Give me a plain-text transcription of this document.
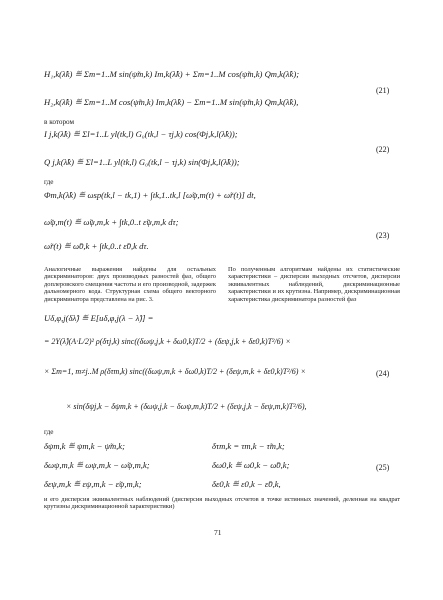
H₁,k(λ̂k) ≝ Σm=1..M sin(ψ̃m,k) Im,k(λ̂k) + Σm=1..M cos(ψ̃m,k) Qm,k(λ̂k);
H₂,k(λ̂k) ≝ Σm=1..M cos(ψ̃m,k) Im,k(λ̂k) − Σm=1..M sin(ψ̃m,k) Qm,k(λ̂k),
(21)
в котором
I j,k(λ̂k) ≝ Σl=1..L yl(tk,l) G₀(tk,l − τj,k) cos(Φj,k,l(λ̂k));
Q j,k(λ̂k) ≝ Σl=1..L yl(tk,l) G₀(tk,l − τj,k) sin(Φj,k,l(λ̂k));
(22)
где
Φm,k(λ̂k) ≝ ωsp(tk,l − tk,1) + ∫tk,1..tk,l [ω̃ψ,m(t) + ω̃r(t)] dt,
ω̃ψ,m(t) ≝ ω̃ψ,m,k + ∫tk,0..t ε̃ψ,m,k dτ;
ω̃r(t) ≝ ω̃0,k + ∫tk,0..t ε̃0,k dτ.
(23)
Аналогичные выражения найдены для остальных дискриминаторов: двух производных разностей фаз, общего доплеровского смещения частоты и его производной, задержек дальномерного кода. Структурная схема общего векторного дискриминатора представлена на рис. 3.
По полученным алгоритмам найдены их статистические характеристики – дисперсии выходных отсчетов, дисперсии эквивалентных наблюдений, дискриминационные характеристики и их крутизна. Например, дискриминационная характеристика дискриминатора разностей фаз
Uδ,φ,j(δλ̂) ≝ E[uδ,φ,j(λ − λ̂)] =
= 2Υ(λ̂)(A·L/2)² ρ(δτj,k) sinc((δωψ,j,k + δω0,k)T/2 + (δεψ,j,k + δε0,k)T²/6) ×
× Σm=1, m≠j..M ρ(δτm,k) sinc((δωψ,m,k + δω0,k)T/2 + (δεψ,m,k + δε0,k)T²/6) ×	(24)
× sin(δψj,k − δψm,k + (δωψ,j,k − δωψ,m,k)T/2 + (δεψ,j,k − δεψ,m,k)T²/6),
где
δψm,k ≝ ψm,k − ψ̃m,k;	δτm,k = τm,k − τ̃m,k;
δωψ,m,k ≝ ωψ,m,k − ω̃ψ,m,k;	δω0,k ≝ ω0,k − ω̃0,k;	(25)
δεψ,m,k ≝ εψ,m,k − ε̃ψ,m,k;	δε0,k ≝ ε0,k − ε̃0,k,
и его дисперсия эквивалентных наблюдений (дисперсия выходных отсчетов в точке истинных значений, деленная на квадрат крутизны дискриминационной характеристики)
71
